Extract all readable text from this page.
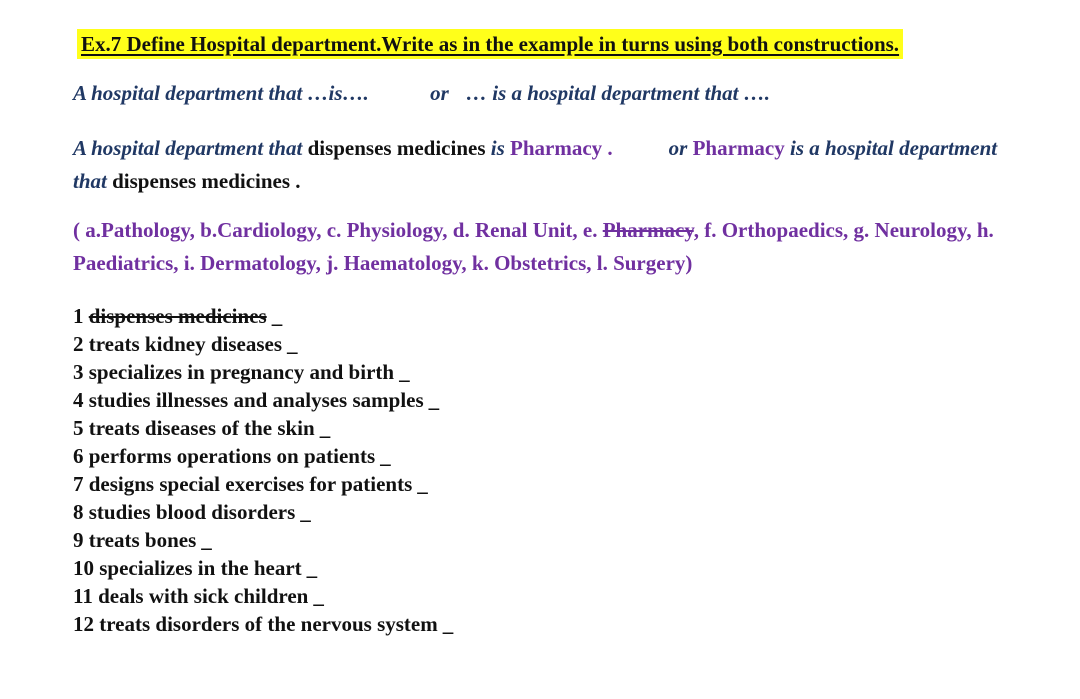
Ex.7 Define Hospital department.Write as in the example in turns using both constructions.
A hospital department that …is….	or … is a hospital department that ….
A hospital department that dispenses medicines is Pharmacy .	or Pharmacy is a hospital department that dispenses medicines .
( a.Pathology, b.Cardiology, c. Physiology, d. Renal Unit, e. Pharmacy, f. Orthopaedics, g. Neurology, h. Paediatrics, i. Dermatology, j. Haematology, k. Obstetrics, l. Surgery)
1 dispenses medicines _
2 treats kidney diseases _
3 specializes in pregnancy and birth _
4 studies illnesses and analyses samples _
5 treats diseases of the skin _
6 performs operations on patients _
7 designs special exercises for patients _
8 studies blood disorders _
9 treats bones _
10 specializes in the heart _
11 deals with sick children _
12 treats disorders of the nervous system _
